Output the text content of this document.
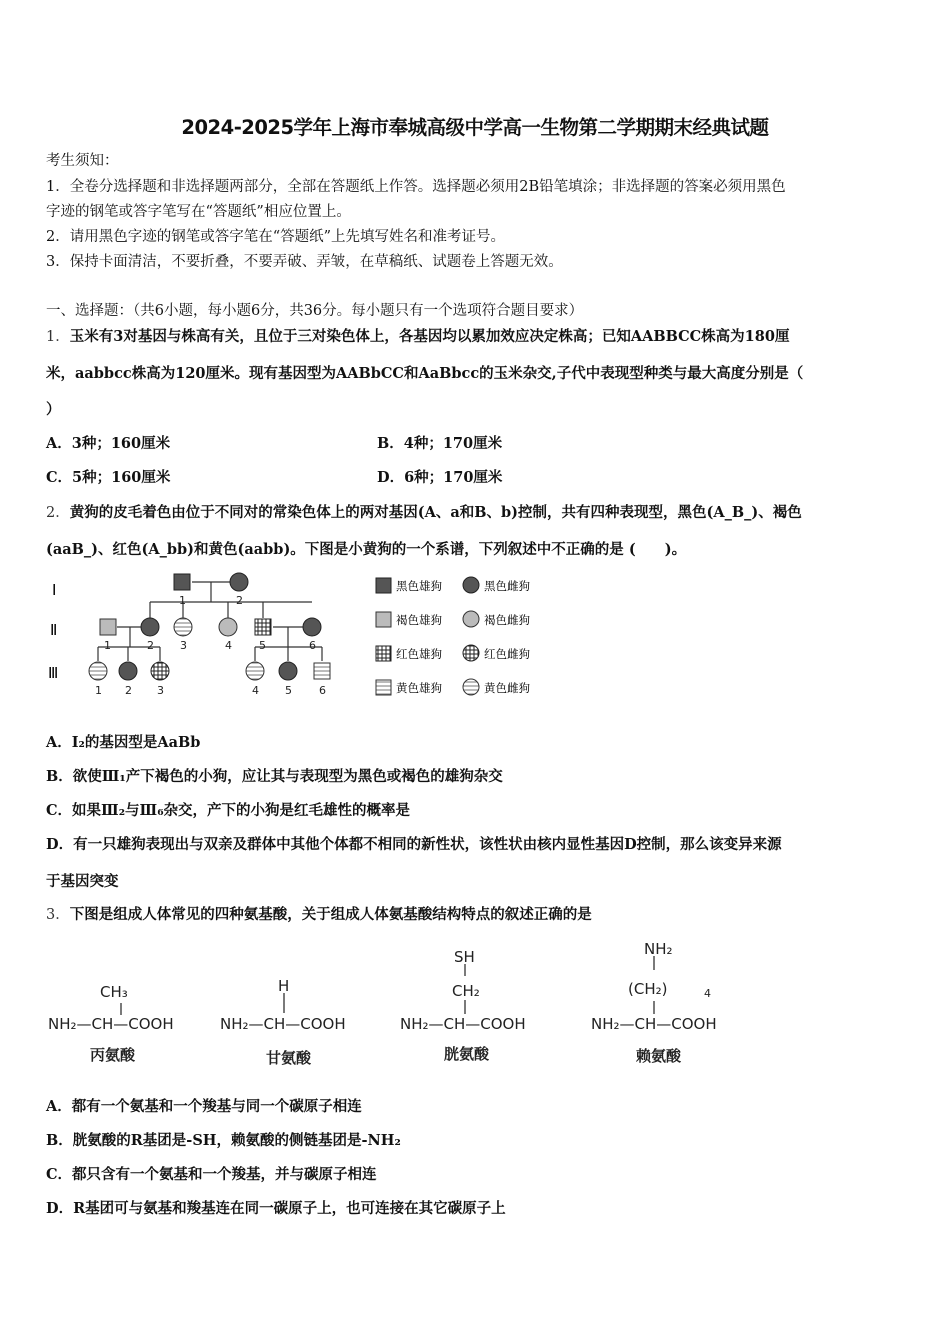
2024-2025学年上海市奉城高级中学高一生物第二学期期末经典试题
考生须知：
1．全卷分选择题和非选择题两部分，全部在答题纸上作答。选择题必须用2B铅笔填涂；非选择题的答案必须用黑色
字迹的钢笔或答字笔写在“答题纸”相应位置上。
2．请用黑色字迹的钢笔或答字笔在“答题纸”上先填写姓名和准考证号。
3．保持卡面清洁，不要折叠，不要弄破、弄皱，在草稿纸、试题卷上答题无效。
一、选择题：（共6小题，每小题6分，共36分。每小题只有一个选项符合题目要求）
1．玉米有3对基因与株高有关，且位于三对染色体上，各基因均以累加效应决定株高；已知AABBCC株高为180厘
米，aabbcc株高为120厘米。现有基因型为AABbCC和AaBbcc的玉米杂交,子代中表现型种类与最大高度分别是（
）
A．3种；160厘米	B．4种；170厘米
C．5种；160厘米	D．6种；170厘米
2．黄狗的皮毛着色由位于不同对的常染色体上的两对基因(A、a和B、b)控制，共有四种表现型，黑色(A_B_)、褐色
(aaB_)、红色(A_bb)和黄色(aabb)。下图是小黄狗的一个系谱，下列叙述中不正确的是 (　　)。
Ⅰ
Ⅱ
Ⅲ
1	2
2 3	4 5	6
1 2 3	4 5 6
1
黑色雄狗	黑色雌狗
褐色雄狗	褐色雌狗
红色雄狗	红色雌狗
黄色雄狗	黄色雌狗
A．Ⅰ₂的基因型是AaBb
B．欲使Ⅲ₁产下褐色的小狗，应让其与表现型为黑色或褐色的雄狗杂交
C．如果Ⅲ₂与Ⅲ₆杂交，产下的小狗是红毛雄性的概率是
D．有一只雄狗表现出与双亲及群体中其他个体都不相同的新性状，该性状由核内显性基因D控制，那么该变异来源
于基因突变
3．下图是组成人体常见的四种氨基酸，关于组成人体氨基酸结构特点的叙述正确的是
CH₃
NH₂—CH—COOH
丙氨酸
H
NH₂—CH—COOH
甘氨酸
SH
CH₂
NH₂—CH—COOH
胱氨酸
NH₂
(CH₂)	4
NH₂—CH—COOH
赖氨酸
A．都有一个氨基和一个羧基与同一个碳原子相连
B．胱氨酸的R基团是-SH，赖氨酸的侧链基团是-NH₂
C．都只含有一个氨基和一个羧基，并与碳原子相连
D．R基团可与氨基和羧基连在同一碳原子上，也可连接在其它碳原子上
